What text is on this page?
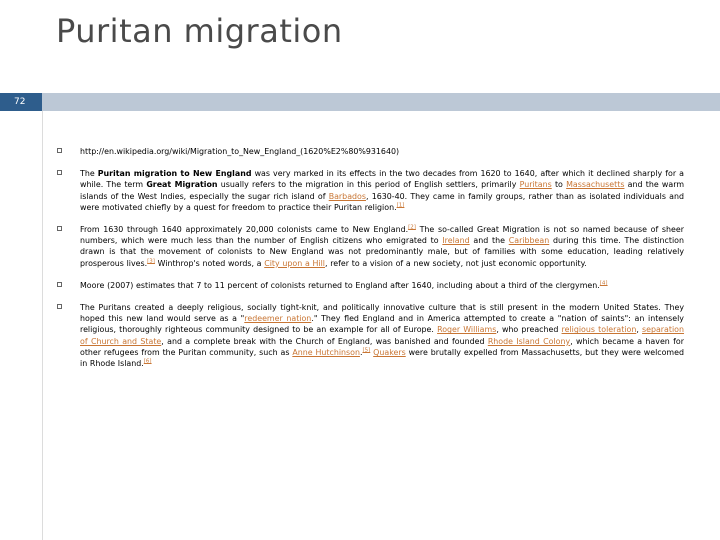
Puritan migration
72
http://en.wikipedia.org/wiki/Migration_to_New_England_(1620%E2%80%931640)
The Puritan migration to New England was very marked in its effects in the two decades from 1620 to 1640, after which it declined sharply for a while. The term Great Migration usually refers to the migration in this period of English settlers, primarily Puritans to Massachusetts and the warm islands of the West Indies, especially the sugar rich island of Barbados, 1630-40. They came in family groups, rather than as isolated individuals and were motivated chiefly by a quest for freedom to practice their Puritan religion.[1]
From 1630 through 1640 approximately 20,000 colonists came to New England.[2] The so-called Great Migration is not so named because of sheer numbers, which were much less than the number of English citizens who emigrated to Ireland and the Caribbean during this time. The distinction drawn is that the movement of colonists to New England was not predominantly male, but of families with some education, leading relatively prosperous lives.[3] Winthrop's noted words, a City upon a Hill, refer to a vision of a new society, not just economic opportunity.
Moore (2007) estimates that 7 to 11 percent of colonists returned to England after 1640, including about a third of the clergymen.[4]
The Puritans created a deeply religious, socially tight-knit, and politically innovative culture that is still present in the modern United States. They hoped this new land would serve as a "redeemer nation." They fled England and in America attempted to create a "nation of saints": an intensely religious, thoroughly righteous community designed to be an example for all of Europe. Roger Williams, who preached religious toleration, separation of Church and State, and a complete break with the Church of England, was banished and founded Rhode Island Colony, which became a haven for other refugees from the Puritan community, such as Anne Hutchinson.[5] Quakers were brutally expelled from Massachusetts, but they were welcomed in Rhode Island.[6]
